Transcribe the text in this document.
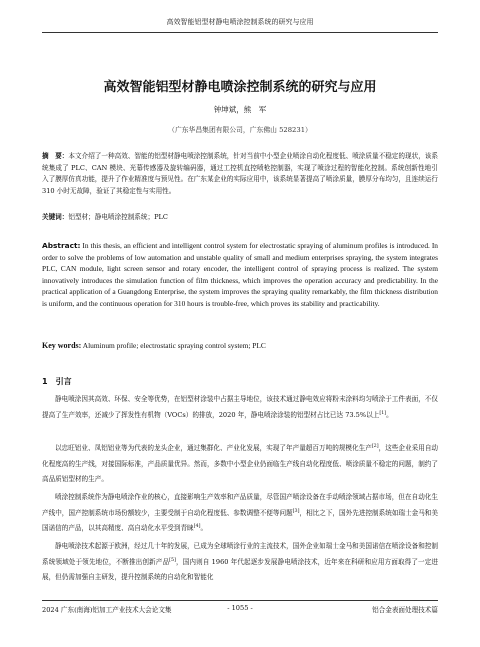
高效智能铝型材静电喷涂控制系统的研究与应用
高效智能铝型材静电喷涂控制系统的研究与应用
钟坤斌，熊　军
（广东华昌集团有限公司，广东佛山 528231）
摘　要：本文介绍了一种高效、智能的铝型材静电喷涂控制系统，针对当前中小型企业喷涂自动化程度低、喷涂质量不稳定的现状，该系统集成了 PLC、CAN 模块、光幕传感器及旋转编码器，通过工控机直控喷枪控制器，实现了喷涂过程的智能化控制。系统创新性地引入了膜厚仿真功能，提升了作业精准度与预见性。在广东某企业的实际应用中，该系统显著提高了喷涂质量，膜厚分布均匀，且连续运行 310 小时无故障，验证了其稳定性与实用性。
关键词：铝型材；静电喷涂控制系统；PLC
Abstract: In this thesis, an efficient and intelligent control system for electrostatic spraying of aluminum profiles is introduced. In order to solve the problems of low automation and unstable quality of small and medium enterprises spraying, the system integrates PLC, CAN module, light screen sensor and rotary encoder, the intelligent control of spraying process is realized. The system innovatively introduces the simulation function of film thickness, which improves the operation accuracy and predictability. In the practical application of a Guangdong Enterprise, the system improves the spraying quality remarkably, the film thickness distribution is uniform, and the continuous operation for 310 hours is trouble-free, which proves its stability and practicability.
Key words: Aluminum profile; electrostatic spraying control system; PLC
1　引言
静电喷涂因其高效、环保、安全等优势，在铝型材涂装中占据主导地位，该技术通过静电效应将粉末涂料均匀喷涂于工件表面，不仅提高了生产效率，还减少了挥发性有机物（VOCs）的排放，2020 年，静电喷涂涂装的铝型材占比已达 73.5%以上[1]。
以忠旺铝业、凤铝铝业等为代表的龙头企业，通过集群化、产业化发展，实现了年产量超百万吨的规模化生产[2]，这些企业采用自动化程度高的生产线，对接国际标准，产品质量优异。然而，多数中小型企业仍面临生产线自动化程度低、喷涂质量不稳定的问题，制约了高品质铝型材的生产。
喷涂控制系统作为静电喷涂作业的核心，直接影响生产效率和产品质量，尽管国产喷涂设备在手动喷涂领域占据市场，但在自动化生产线中，国产控制系统市场份额较少，主要受制于自动化程度低、参数调整不便等问题[3]，相比之下，国外先进控制系统如瑞士金马和美国诺信的产品，以其高精度、高自动化水平受到青睐[4]。
静电喷涂技术起源于欧洲，经过几十年的发展，已成为全球喷涂行业的主流技术，国外企业如瑞士金马和美国诺信在喷涂设备和控制系统领域处于领先地位，不断推出创新产品[5]，国内则自 1960 年代起逐步发展静电喷涂技术，近年来在科研和应用方面取得了一定进展，但仍需加强自主研发，提升控制系统的自动化和智能化
2024 广东(南海)铝加工产业技术大会论文集	- 1055 -	铝合金表面处理技术篇
